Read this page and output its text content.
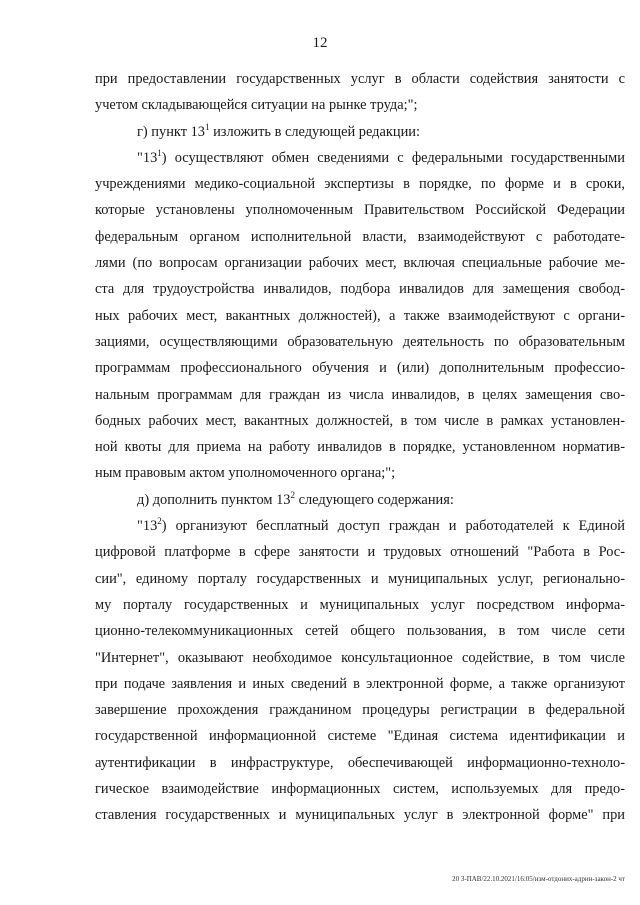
12
при предоставлении государственных услуг в области содействия занятости с
учетом складывающейся ситуации на рынке труда;";
г) пункт $13^1$ изложить в следующей редакции:
"$13^1$) осуществляют обмен сведениями с федеральными государственными
учреждениями медико-социальной экспертизы в порядке, по форме и в сроки,
которые установлены уполномоченным Правительством Российской Федерации
федеральным органом исполнительной власти, взаимодействуют с работодате-
лями (по вопросам организации рабочих мест, включая специальные рабочие ме-
ста для трудоустройства инвалидов, подбора инвалидов для замещения свобод-
ных рабочих мест, вакантных должностей), а также взаимодействуют с органи-
зациями, осуществляющими образовательную деятельность по образовательным
программам профессионального обучения и (или) дополнительным профессио-
нальным программам для граждан из числа инвалидов, в целях замещения сво-
бодных рабочих мест, вакантных должностей, в том числе в рамках установлен-
ной квоты для приема на работу инвалидов в порядке, установленном норматив-
ным правовым актом уполномоченного органа;";
д) дополнить пунктом $13^2$ следующего содержания:
"$13^2$) организуют бесплатный доступ граждан и работодателей к Единой
цифровой платформе в сфере занятости и трудовых отношений "Работа в Рос-
сии", единому порталу государственных и муниципальных услуг, регионально-
му порталу государственных и муниципальных услуг посредством информа-
ционно-телекоммуникационных сетей общего пользования, в том числе сети
"Интернет", оказывают необходимое консультационное содействие, в том числе
при подаче заявления и иных сведений в электронной форме, а также организуют
завершение прохождения гражданином процедуры регистрации в федеральной
государственной информационной системе "Единая система идентификации и
аутентификации в инфраструктуре, обеспечивающей информационно-техноло-
гическое взаимодействие информационных систем, используемых для предо-
ставления государственных и муниципальных услуг в электронной форме" при
20 3-ПАВ/22.10.2021/16:05/изм-отдоних-адрин-закон-2 чт
